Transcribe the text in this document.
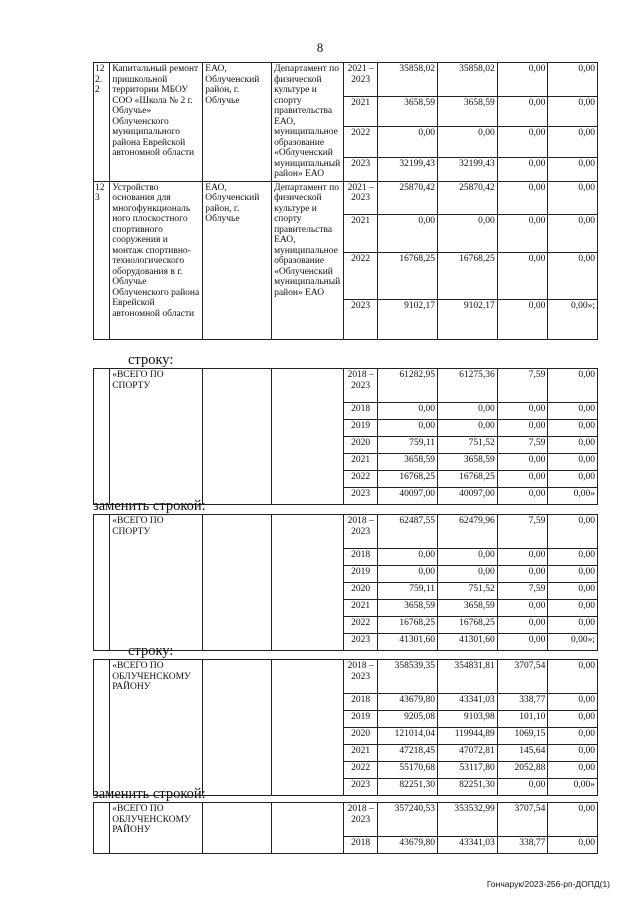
8
12
2.
2	Капитальный ремонт пришкольной территории МБОУ СОО «Школа № 2 г. Облучье» Облученского муниципального района Еврейской автономной области	ЕАО, Облученский район, г. Облучье	Департамент по физической культуре и спорту правительства ЕАО, муниципальное образование «Облученский муниципальный район» ЕАО	2021 – 2023	35858,02	35858,02	0,00	0,00
				2021	3658,59	3658,59	0,00	0,00
				2022	0,00	0,00	0,00	0,00
				2023	32199,43	32199,43	0,00	0,00
12
3	Устройство основания для многофункциональ ного плоскостного спортивного сооружения и монтаж спортивно-технологического оборудования в г. Облучье Облученского района Еврейской автономной области	ЕАО, Облученский район, г. Облучье	Департамент по физической культуре и спорту правительства ЕАО, муниципальное образование «Облученский муниципальный район» ЕАО	2021 – 2023	25870,42	25870,42	0,00	0,00
				2021	0,00	0,00	0,00	0,00
				2022	16768,25	16768,25	0,00	0,00
				2023	9102,17	9102,17	0,00	0,00»;
строку:
	«ВСЕГО ПО СПОРТУ			2018 – 2023	61282,95	61275,36	7,59	0,00
				2018	0,00	0,00	0,00	0,00
				2019	0,00	0,00	0,00	0,00
				2020	759,11	751,52	7,59	0,00
				2021	3658,59	3658,59	0,00	0,00
				2022	16768,25	16768,25	0,00	0,00
				2023	40097,00	40097,00	0,00	0,00»
заменить строкой:
	«ВСЕГО ПО СПОРТУ			2018 – 2023	62487,55	62479,96	7,59	0,00
				2018	0,00	0,00	0,00	0,00
				2019	0,00	0,00	0,00	0,00
				2020	759,11	751,52	7,59	0,00
				2021	3658,59	3658,59	0,00	0,00
				2022	16768,25	16768,25	0,00	0,00
				2023	41301,60	41301,60	0,00	0,00»;
строку:
	«ВСЕГО ПО ОБЛУЧЕНСКОМУ РАЙОНУ			2018 – 2023	358539,35	354831,81	3707,54	0,00
				2018	43679,80	43341,03	338,77	0,00
				2019	9205,08	9103,98	101,10	0,00
				2020	121014,04	119944,89	1069,15	0,00
				2021	47218,45	47072,81	145,64	0,00
				2022	55170,68	53117,80	2052,88	0,00
				2023	82251,30	82251,30	0,00	0,00»
заменить строкой:
	«ВСЕГО ПО ОБЛУЧЕНСКОМУ РАЙОНУ			2018 – 2023	357240,53	353532,99	3707,54	0,00
				2018	43679,80	43341,03	338,77	0,00
Гончарук/2023-256-рп-ДОПД(1)
